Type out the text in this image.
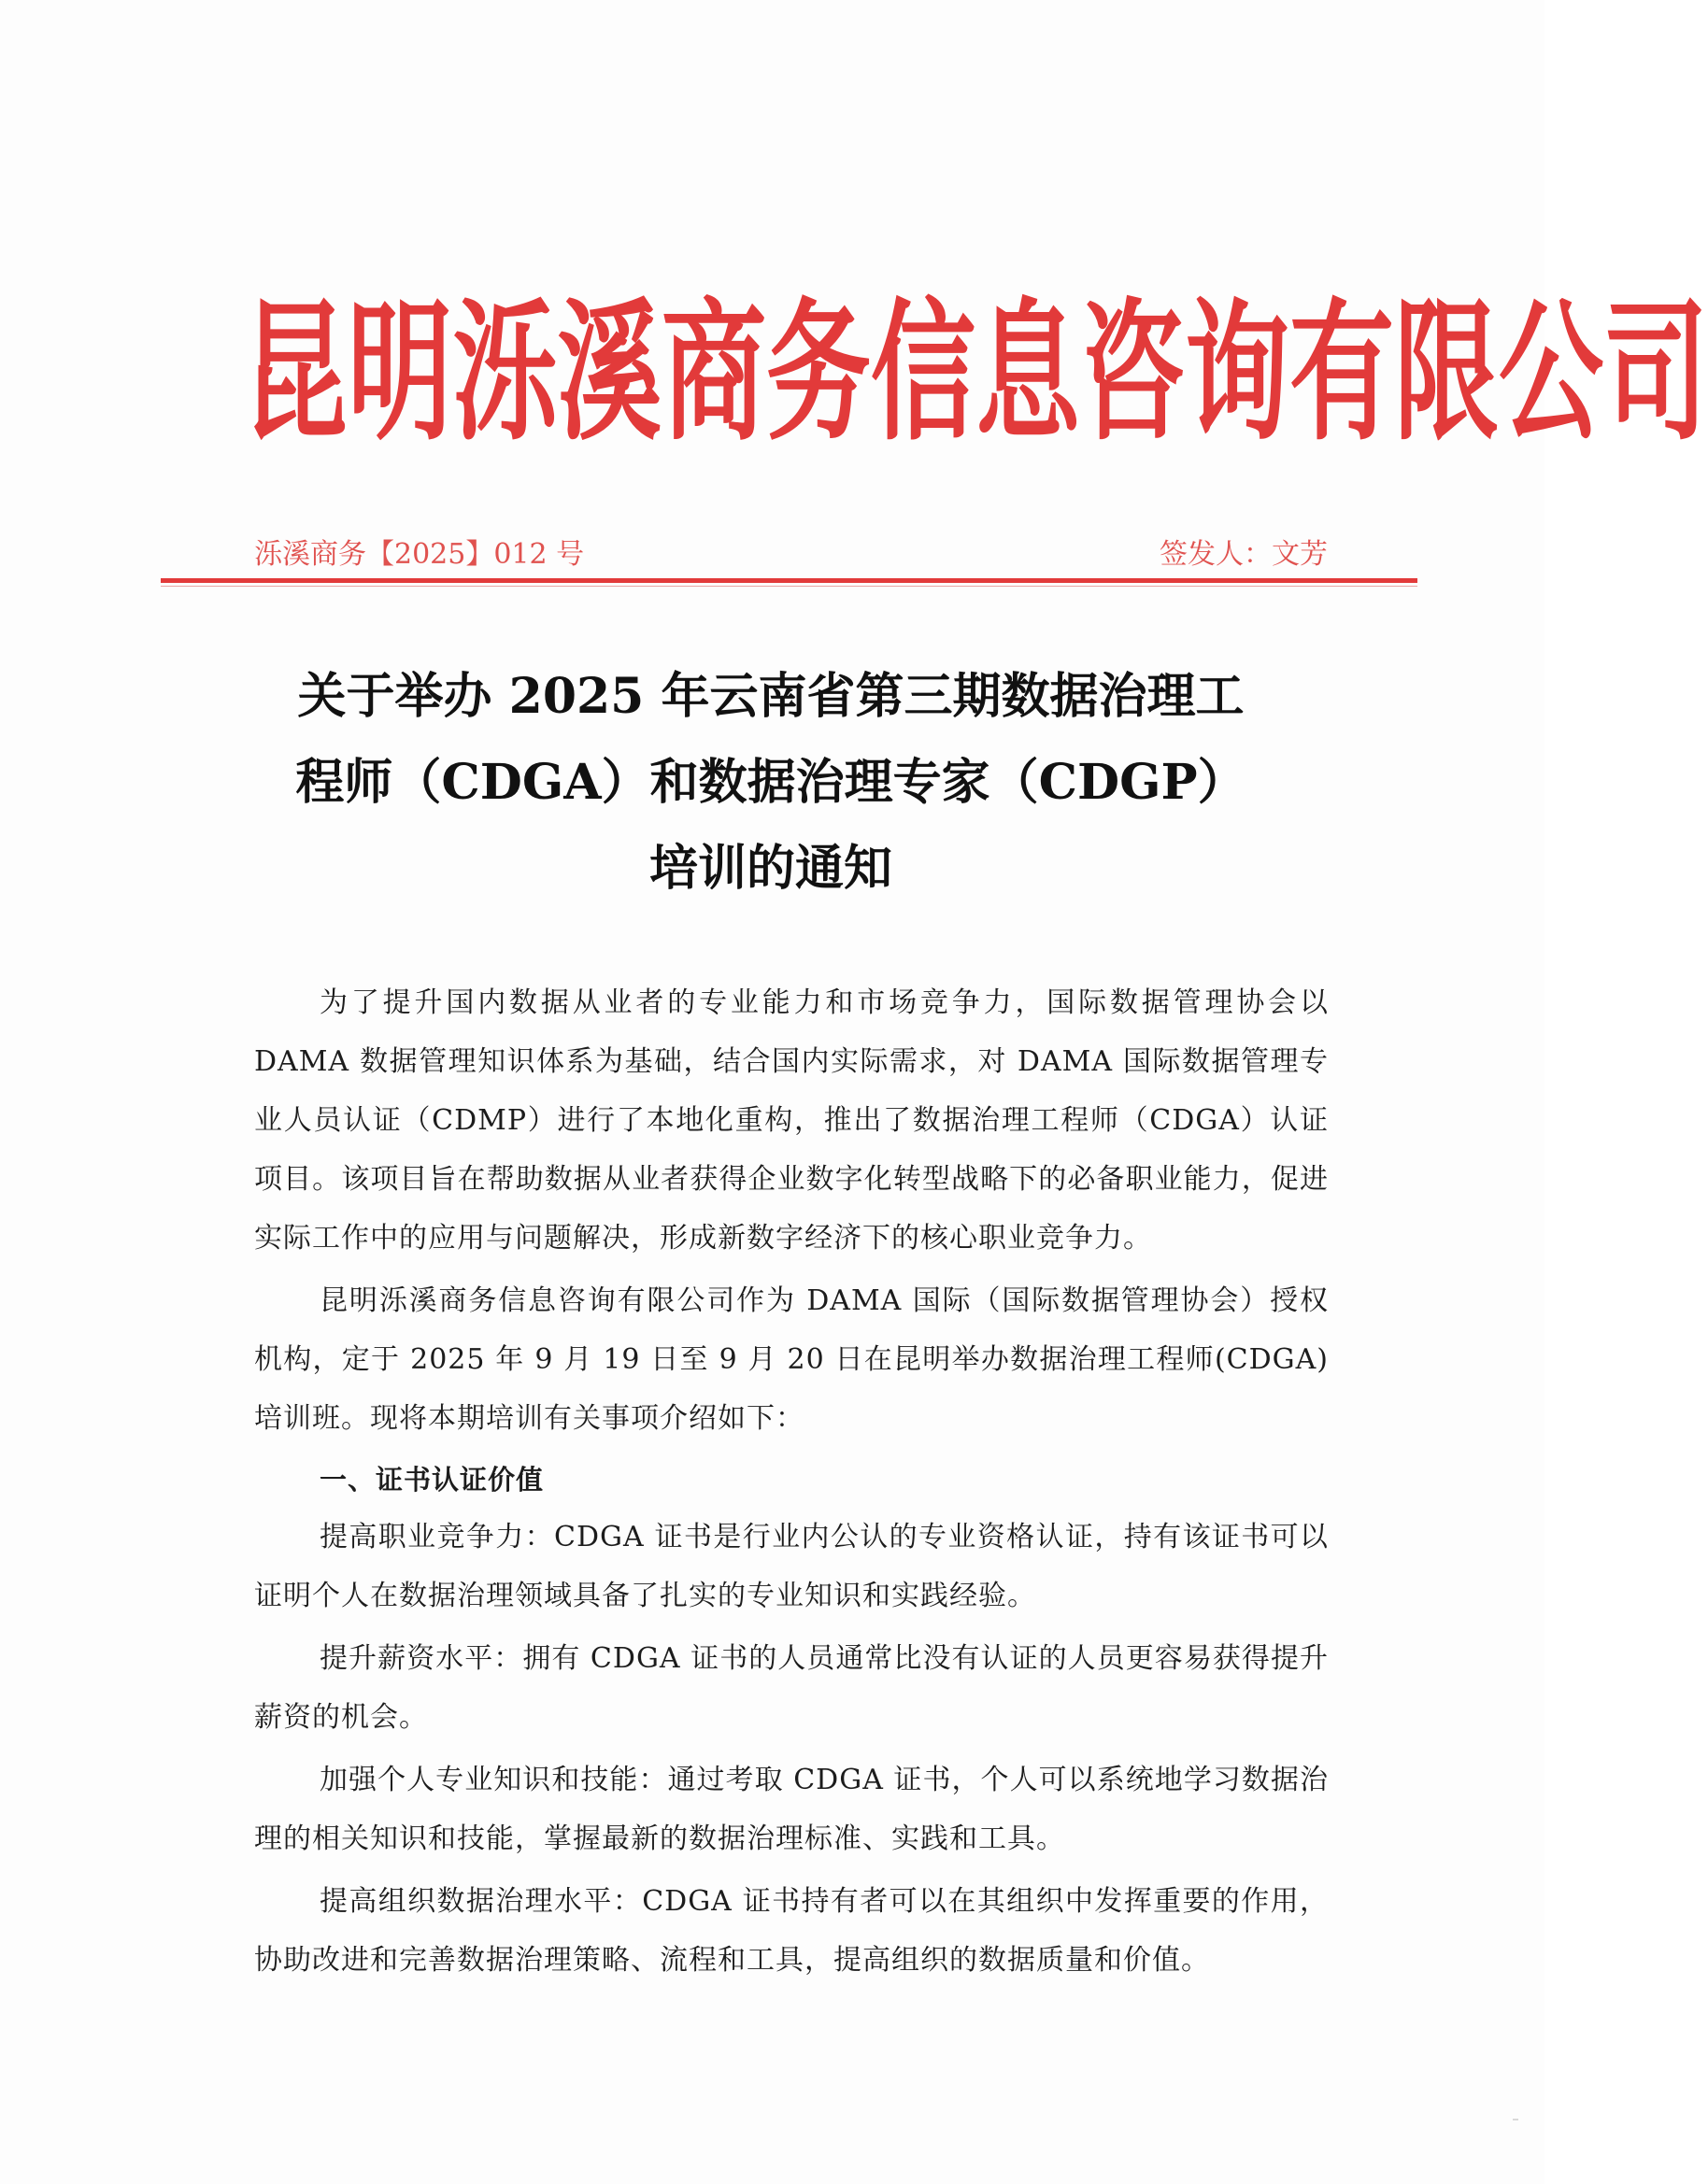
昆明泺溪商务信息咨询有限公司
泺溪商务【2025】012 号	签发人：文芳
关于举办 2025 年云南省第三期数据治理工
程师（CDGA）和数据治理专家（CDGP）
培训的通知

为了提升国内数据从业者的专业能力和市场竞争力，国际数据管理协会以 DAMA 数据管理知识体系为基础，结合国内实际需求，对 DAMA 国际数据管理专业人员认证（CDMP）进行了本地化重构，推出了数据治理工程师（CDGA）认证项目。该项目旨在帮助数据从业者获得企业数字化转型战略下的必备职业能力，促进实际工作中的应用与问题解决，形成新数字经济下的核心职业竞争力。

昆明泺溪商务信息咨询有限公司作为 DAMA 国际（国际数据管理协会）授权机构，定于 2025 年 9 月 19 日至 9 月 20 日在昆明举办数据治理工程师(CDGA)培训班。现将本期培训有关事项介绍如下：

一、证书认证价值

提高职业竞争力：CDGA 证书是行业内公认的专业资格认证，持有该证书可以证明个人在数据治理领域具备了扎实的专业知识和实践经验。

提升薪资水平：拥有 CDGA 证书的人员通常比没有认证的人员更容易获得提升薪资的机会。

加强个人专业知识和技能：通过考取 CDGA 证书，个人可以系统地学习数据治理的相关知识和技能，掌握最新的数据治理标准、实践和工具。

提高组织数据治理水平：CDGA 证书持有者可以在其组织中发挥重要的作用，协助改进和完善数据治理策略、流程和工具，提高组织的数据质量和价值。
